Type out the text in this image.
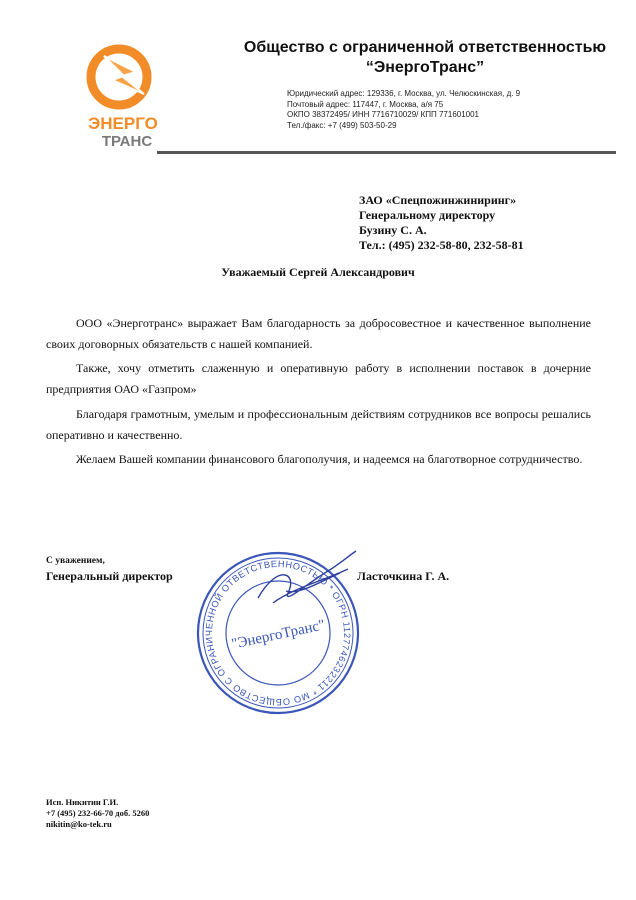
ЭНЕРГО
ТРАНС
Общество с ограниченной ответственностью
“ЭнергоТранс”
Юридический адрес: 129336, г. Москва, ул. Челюскинская, д. 9
Почтовый адрес: 117447, г. Москва, а/я 75
ОКПО 38372495/ ИНН 7716710029/ КПП 771601001
Тел./факс: +7 (499) 503-50-29
ЗАО «Спецпожинжиниринг»
Генеральному директору
Бузину С. А.
Тел.: (495) 232-58-80, 232-58-81
Уважаемый Сергей Александрович

ООО «Энерготранс» выражает Вам благодарность за добросовестное и качественное выполнение своих договорных обязательств с нашей компанией.

Также, хочу отметить слаженную и оперативную работу в исполнении поставок в дочерние предприятия ОАО «Газпром»

Благодаря грамотным, умелым и профессиональным действиям сотрудников все вопросы решались оперативно и качественно.

Желаем Вашей компании финансового благополучия, и надеемся на благотворное сотрудничество.

ОБЩЕСТВО С ОГРАНИЧЕННОЙ ОТВЕТСТВЕННОСТЬЮ * ОГРН 1127746232211 * МОСКВА
"ЭнергоТранс"
С уважением,
Генеральный директор	Ласточкина Г. А.
Исп. Никитин Г.И.
+7 (495) 232-66-70 доб. 5260
nikitin@ko-tek.ru
